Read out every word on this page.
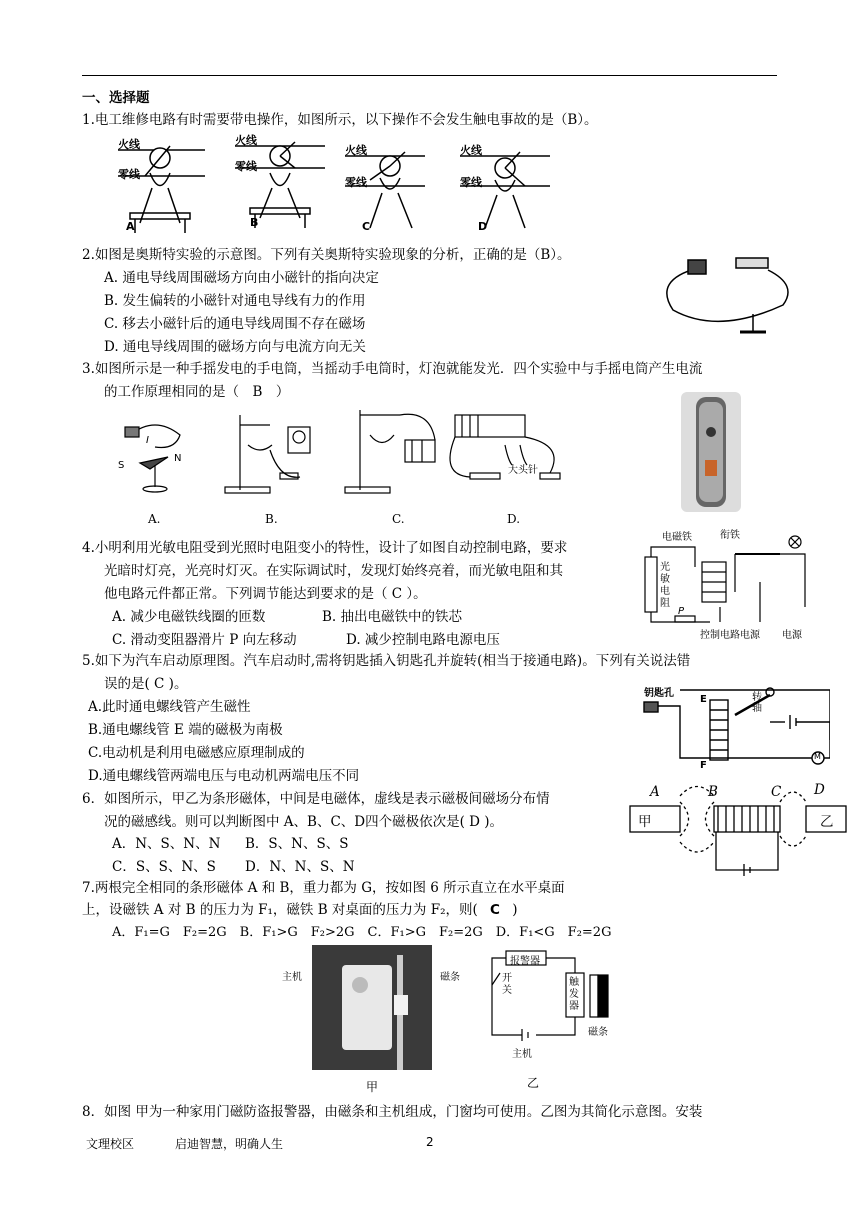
一、选择题
1.电工维修电路有时需要带电操作，如图所示，以下操作不会发生触电事故的是（B）。
火线
零线
火线
零线
火线
零线
火线
零线
A	B	C	D
2.如图是奥斯特实验的示意图。下列有关奥斯特实验现象的分析，正确的是（B）。
A. 通电导线周围磁场方向由小磁针的指向决定
B. 发生偏转的小磁针对通电导线有力的作用
C. 移去小磁针后的通电导线周围不存在磁场
D. 通电导线周围的磁场方向与电流方向无关
3.如图所示是一种手摇发电的手电筒，当摇动手电筒时，灯泡就能发光．四个实验中与手摇电筒产生电流
的工作原理相同的是（　B　）
S
N
I
大头针
A.	B.	C.	D.
4.小明利用光敏电阻受到光照时电阻变小的特性，设计了如图自动控制电路，要求
光暗时灯亮，光亮时灯灭。在实际调试时，发现灯始终亮着，而光敏电阻和其
他电路元件都正常。下列调节能达到要求的是（ C ）。
A. 减少电磁铁线圈的匝数	B. 抽出电磁铁中的铁芯
C. 滑动变阻器滑片 P 向左移动	D. 减少控制电路电源电压
电磁铁	衔铁
光
敏
电
阻
P
控制电路电源 电源
5.如下为汽车启动原理图。汽车启动时,需将钥匙插入钥匙孔并旋转(相当于接通电路)。下列有关说法错
误的是( C )。
A.此时通电螺线管产生磁性
B.通电螺线管 E 端的磁极为南极
C.电动机是利用电磁感应原理制成的
D.通电螺线管两端电压与电动机两端电压不同
钥匙孔	转
轴
E
F
M
6．如图所示，甲乙为条形磁体，中间是电磁体，虚线是表示磁极间磁场分布情
况的磁感线。则可以判断图中 A、B、C、D四个磁极依次是( D )。
A．N、S、N、N B．S、N、S、S
C．S、S、N、S D．N、N、S、N
A	B	C D
甲	乙
7.两根完全相同的条形磁体 A 和 B，重力都为 G，按如图 6 所示直立在水平桌面
上，设磁铁 A 对 B 的压力为 F₁，磁铁 B 对桌面的压力为 F₂，则( C )
A．F₁=G　F₂=2G　B．F₁>G　F₂>2G　C．F₁>G　F₂=2G　D．F₁<G　F₂=2G
主机	磁条
甲
报警器
开
关
触
发
器
磁条
主机
乙
8．如图 甲为一种家用门磁防盗报警器，由磁条和主机组成，门窗均可使用。乙图为其简化示意图。安装
文理校区	启迪智慧，明确人生	2
